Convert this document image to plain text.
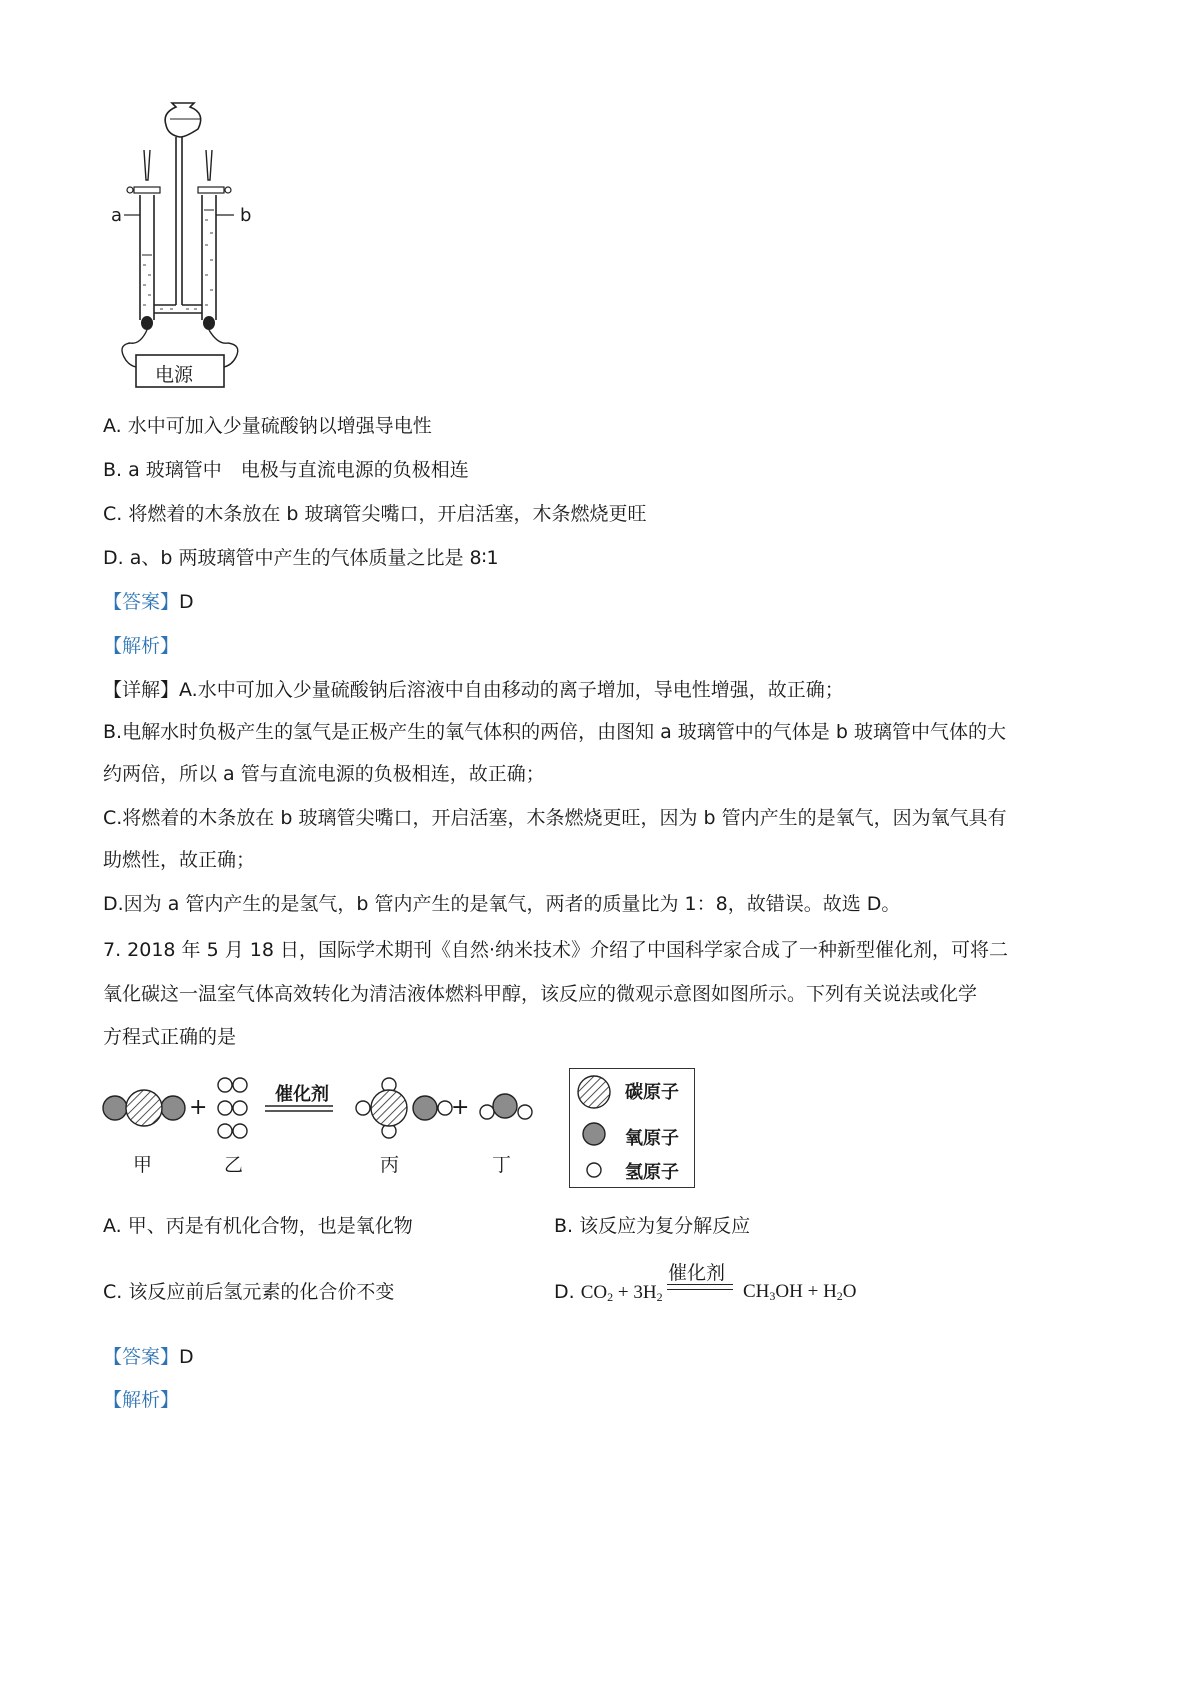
a	b
电源
A. 水中可加入少量硫酸钠以增强导电性
B. a 玻璃管中　电极与直流电源的负极相连
C. 将燃着的木条放在 b 玻璃管尖嘴口，开启活塞，木条燃烧更旺
D. a、b 两玻璃管中产生的气体质量之比是 8∶1
【答案】D
【解析】
【详解】A.水中可加入少量硫酸钠后溶液中自由移动的离子增加，导电性增强，故正确；
B.电解水时负极产生的氢气是正极产生的氧气体积的两倍，由图知 a 玻璃管中的气体是 b 玻璃管中气体的大
约两倍，所以 a 管与直流电源的负极相连，故正确；
C.将燃着的木条放在 b 玻璃管尖嘴口，开启活塞，木条燃烧更旺，因为 b 管内产生的是氧气，因为氧气具有
助燃性，故正确；
D.因为 a 管内产生的是氢气，b 管内产生的是氧气，两者的质量比为 1：8，故错误。故选 D。
7. 2018 年 5 月 18 日，国际学术期刊《自然·纳米技术》介绍了中国科学家合成了一种新型催化剂，可将二
氧化碳这一温室气体高效转化为清洁液体燃料甲醇，该反应的微观示意图如图所示。下列有关说法或化学
方程式正确的是
+	+
催化剂
甲	乙	丙	丁
碳原子
氧原子
氢原子
A. 甲、丙是有机化合物，也是氧化物	B. 该反应为复分解反应
C. 该反应前后氢元素的化合价不变	D. $CO_2 + 3H_2$
催化剂
$CH_3OH + H_2O$
【答案】D
【解析】
